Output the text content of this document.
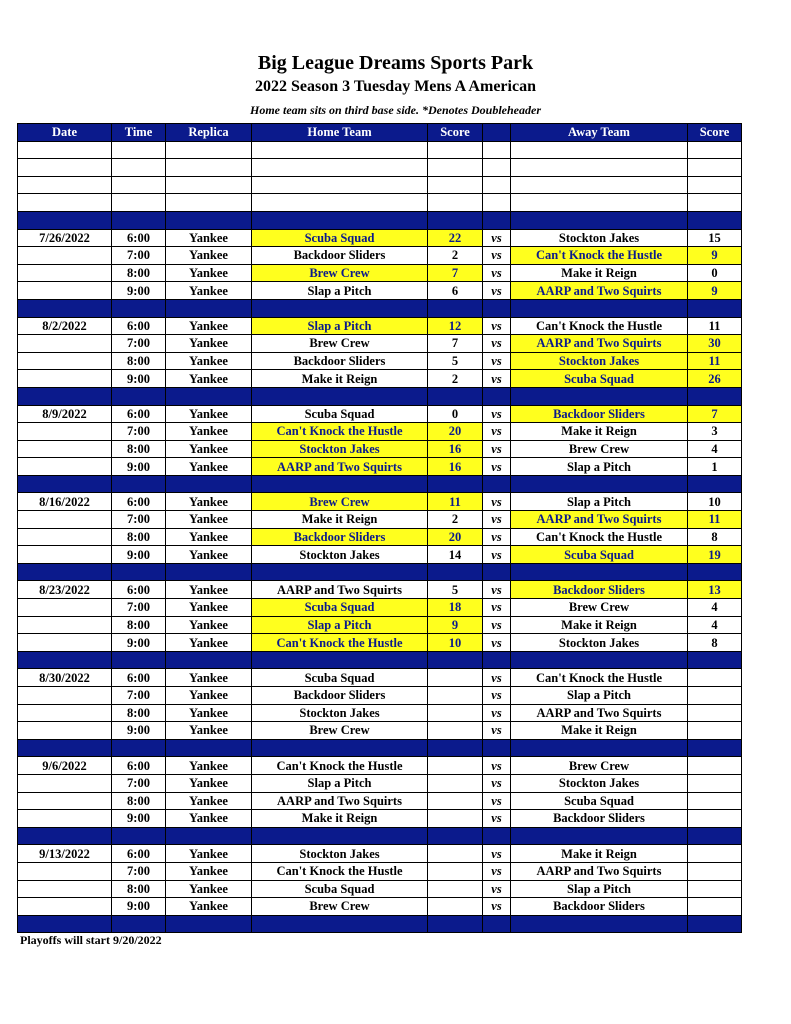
Big League Dreams Sports Park
2022 Season 3 Tuesday Mens A American
Home team sits on third base side. *Denotes Doubleheader
Date	Time	Replica	Home Team	Score		Away Team	Score

7/26/2022	6:00	Yankee	Scuba Squad	22	vs	Stockton Jakes	15
	7:00	Yankee	Backdoor Sliders	2	vs	Can't Knock the Hustle	9
	8:00	Yankee	Brew Crew	7	vs	Make it Reign	0
	9:00	Yankee	Slap a Pitch	6	vs	AARP and Two Squirts	9

8/2/2022	6:00	Yankee	Slap a Pitch	12	vs	Can't Knock the Hustle	11
	7:00	Yankee	Brew Crew	7	vs	AARP and Two Squirts	30
	8:00	Yankee	Backdoor Sliders	5	vs	Stockton Jakes	11
	9:00	Yankee	Make it Reign	2	vs	Scuba Squad	26

8/9/2022	6:00	Yankee	Scuba Squad	0	vs	Backdoor Sliders	7
	7:00	Yankee	Can't Knock the Hustle	20	vs	Make it Reign	3
	8:00	Yankee	Stockton Jakes	16	vs	Brew Crew	4
	9:00	Yankee	AARP and Two Squirts	16	vs	Slap a Pitch	1

8/16/2022	6:00	Yankee	Brew Crew	11	vs	Slap a Pitch	10
	7:00	Yankee	Make it Reign	2	vs	AARP and Two Squirts	11
	8:00	Yankee	Backdoor Sliders	20	vs	Can't Knock the Hustle	8
	9:00	Yankee	Stockton Jakes	14	vs	Scuba Squad	19

8/23/2022	6:00	Yankee	AARP and Two Squirts	5	vs	Backdoor Sliders	13
	7:00	Yankee	Scuba Squad	18	vs	Brew Crew	4
	8:00	Yankee	Slap a Pitch	9	vs	Make it Reign	4
	9:00	Yankee	Can't Knock the Hustle	10	vs	Stockton Jakes	8

8/30/2022	6:00	Yankee	Scuba Squad		vs	Can't Knock the Hustle	
	7:00	Yankee	Backdoor Sliders		vs	Slap a Pitch	
	8:00	Yankee	Stockton Jakes		vs	AARP and Two Squirts	
	9:00	Yankee	Brew Crew		vs	Make it Reign	

9/6/2022	6:00	Yankee	Can't Knock the Hustle		vs	Brew Crew	
	7:00	Yankee	Slap a Pitch		vs	Stockton Jakes	
	8:00	Yankee	AARP and Two Squirts		vs	Scuba Squad	
	9:00	Yankee	Make it Reign		vs	Backdoor Sliders	

9/13/2022	6:00	Yankee	Stockton Jakes		vs	Make it Reign	
	7:00	Yankee	Can't Knock the Hustle		vs	AARP and Two Squirts	
	8:00	Yankee	Scuba Squad		vs	Slap a Pitch	
	9:00	Yankee	Brew Crew		vs	Backdoor Sliders	

Playoffs will start 9/20/2022
